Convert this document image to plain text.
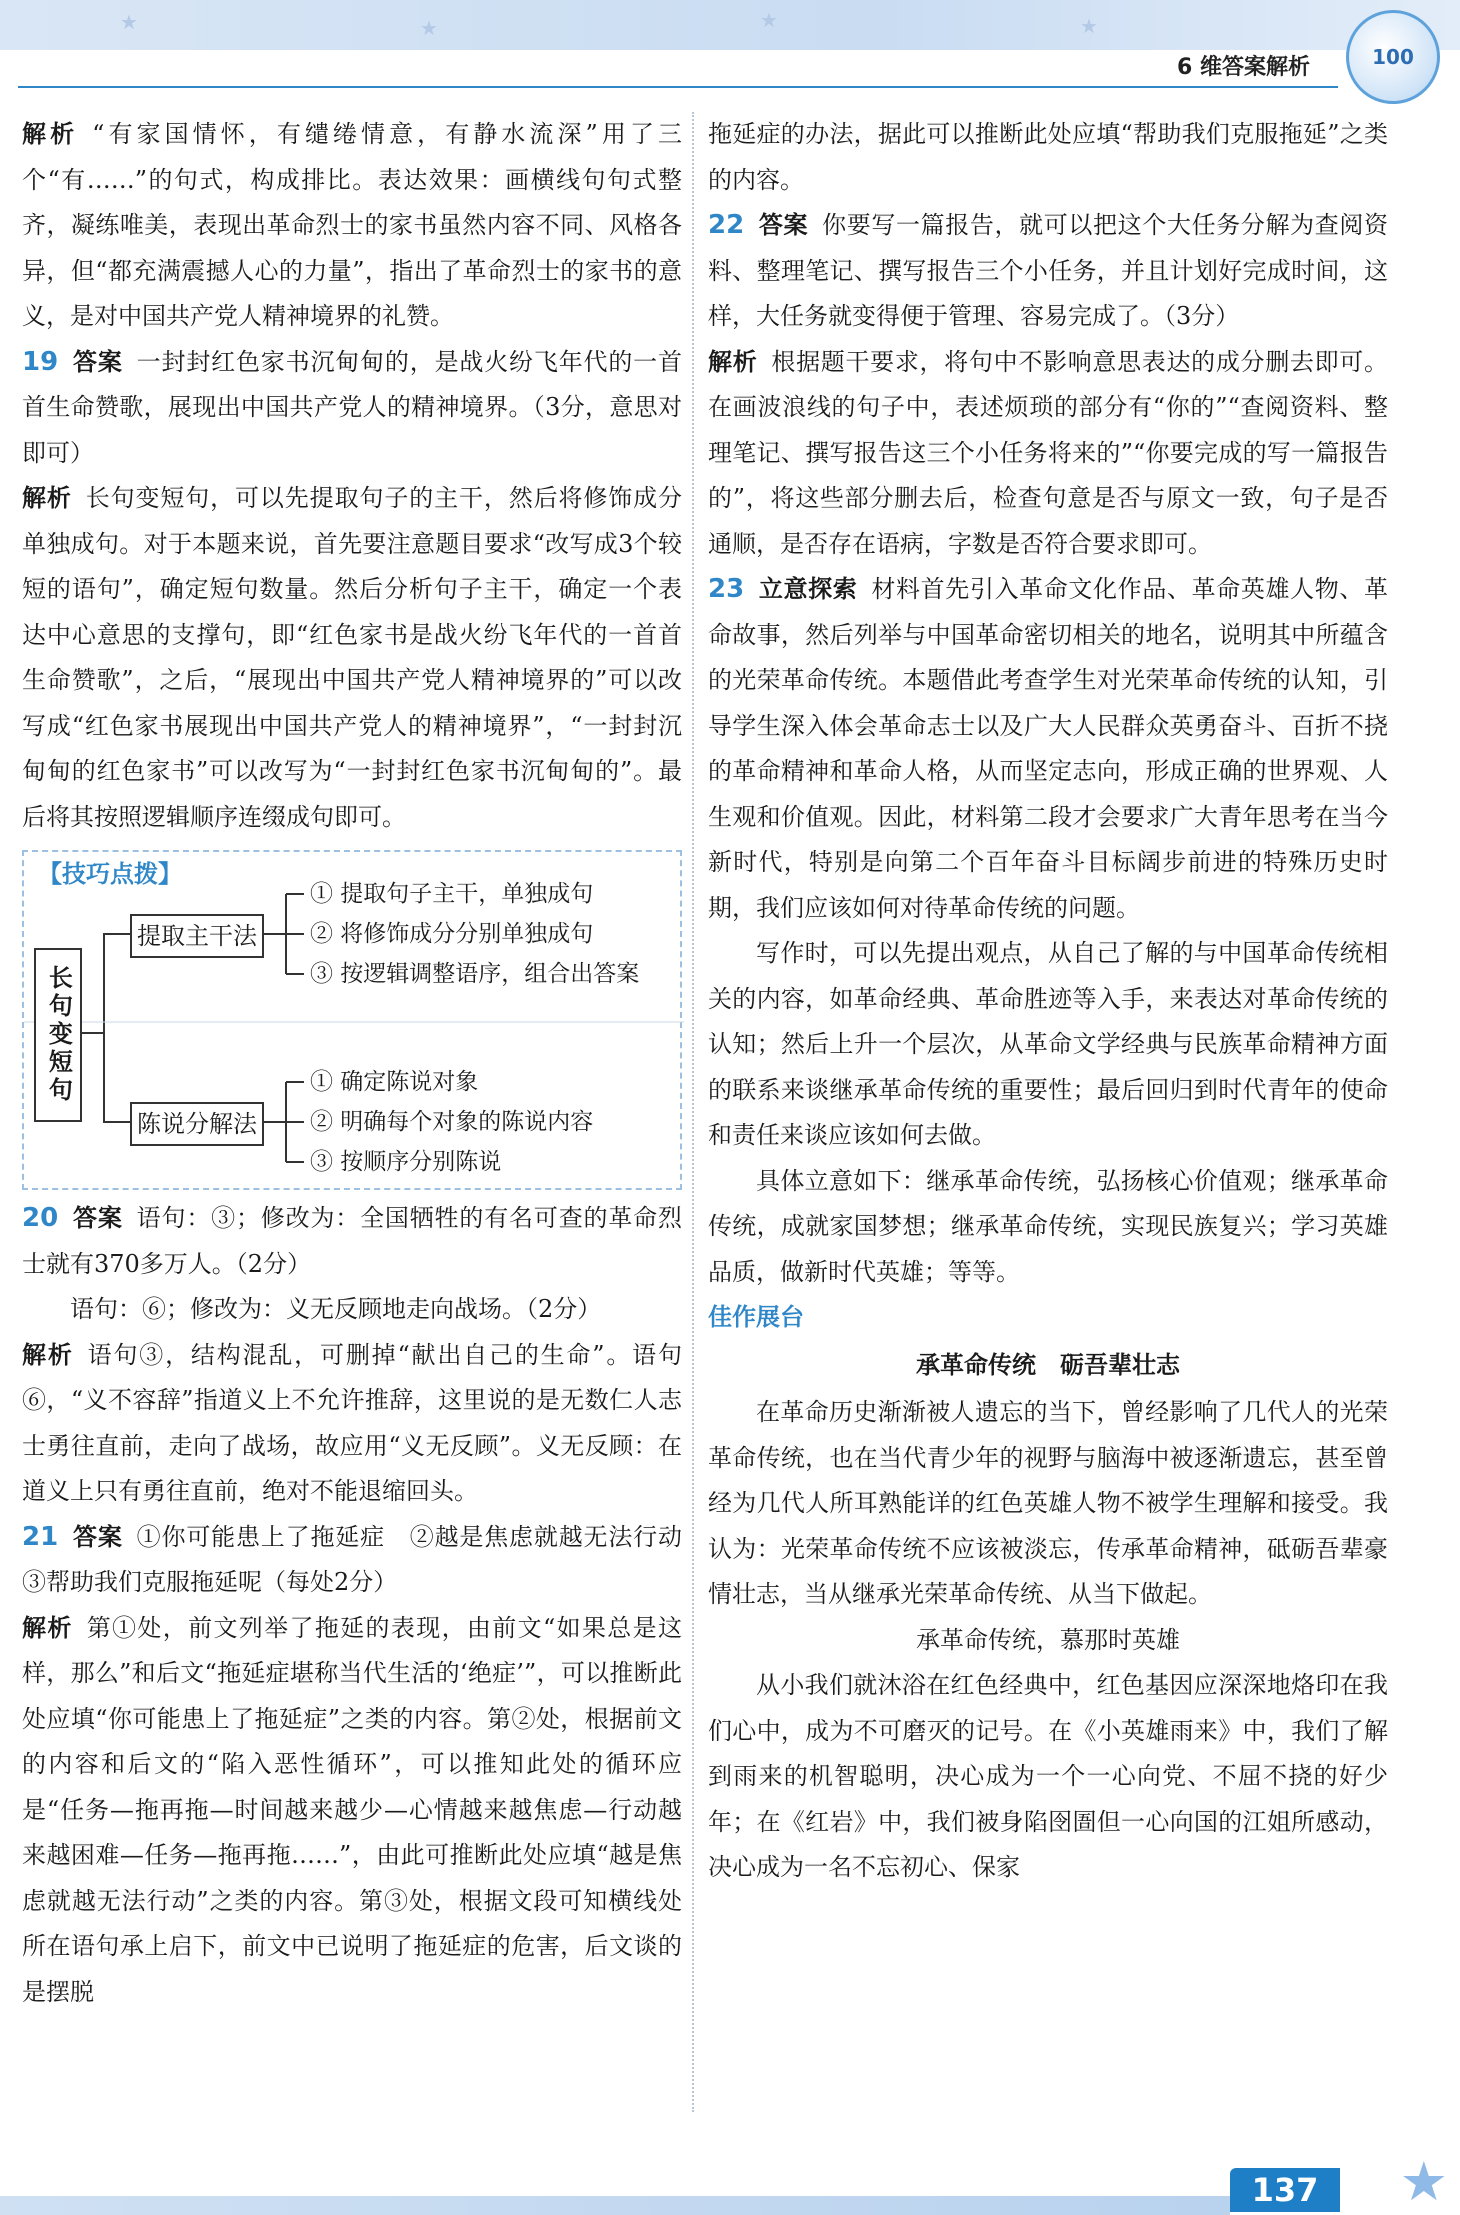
★	★	★	★
6 维答案解析	100

解析 “有家国情怀，有缱绻情意，有静水流深”用了三个“有……”的句式，构成排比。表达效果：画横线句句式整齐，凝练唯美，表现出革命烈士的家书虽然内容不同、风格各异，但“都充满震撼人心的力量”，指出了革命烈士的家书的意义，是对中国共产党人精神境界的礼赞。

19 答案 一封封红色家书沉甸甸的，是战火纷飞年代的一首首生命赞歌，展现出中国共产党人的精神境界。（3分，意思对即可）

解析 长句变短句，可以先提取句子的主干，然后将修饰成分单独成句。对于本题来说，首先要注意题目要求“改写成3个较短的语句”，确定短句数量。然后分析句子主干，确定一个表达中心意思的支撑句，即“红色家书是战火纷飞年代的一首首生命赞歌”，之后，“展现出中国共产党人精神境界的”可以改写成“红色家书展现出中国共产党人的精神境界”，“一封封沉甸甸的红色家书”可以改写为“一封封红色家书沉甸甸的”。最后将其按照逻辑顺序连缀成句即可。

【技巧点拨】
长句变短句
提取主干法
陈说分解法
① 提取句子主干，单独成句
② 将修饰成分分别单独成句
③ 按逻辑调整语序，组合出答案
① 确定陈说对象
② 明确每个对象的陈说内容
③ 按顺序分别陈说

20 答案 语句：③；修改为：全国牺牲的有名可查的革命烈士就有370多万人。（2分）

语句：⑥；修改为：义无反顾地走向战场。（2分）

解析 语句③，结构混乱，可删掉“献出自己的生命”。语句⑥，“义不容辞”指道义上不允许推辞，这里说的是无数仁人志士勇往直前，走向了战场，故应用“义无反顾”。义无反顾：在道义上只有勇往直前，绝对不能退缩回头。

21 答案 ①你可能患上了拖延症　②越是焦虑就越无法行动　③帮助我们克服拖延呢（每处2分）

解析 第①处，前文列举了拖延的表现，由前文“如果总是这样，那么”和后文“拖延症堪称当代生活的‘绝症’”，可以推断此处应填“你可能患上了拖延症”之类的内容。第②处，根据前文的内容和后文的“陷入恶性循环”，可以推知此处的循环应是“任务—拖再拖—时间越来越少—心情越来越焦虑—行动越来越困难—任务—拖再拖……”，由此可推断此处应填“越是焦虑就越无法行动”之类的内容。第③处，根据文段可知横线处所在语句承上启下，前文中已说明了拖延症的危害，后文谈的是摆脱

拖延症的办法，据此可以推断此处应填“帮助我们克服拖延”之类的内容。

22 答案 你要写一篇报告，就可以把这个大任务分解为查阅资料、整理笔记、撰写报告三个小任务，并且计划好完成时间，这样，大任务就变得便于管理、容易完成了。（3分）

解析 根据题干要求，将句中不影响意思表达的成分删去即可。在画波浪线的句子中，表述烦琐的部分有“你的”“查阅资料、整理笔记、撰写报告这三个小任务将来的”“你要完成的写一篇报告的”，将这些部分删去后，检查句意是否与原文一致，句子是否通顺，是否存在语病，字数是否符合要求即可。

23 立意探索 材料首先引入革命文化作品、革命英雄人物、革命故事，然后列举与中国革命密切相关的地名，说明其中所蕴含的光荣革命传统。本题借此考查学生对光荣革命传统的认知，引导学生深入体会革命志士以及广大人民群众英勇奋斗、百折不挠的革命精神和革命人格，从而坚定志向，形成正确的世界观、人生观和价值观。因此，材料第二段才会要求广大青年思考在当今新时代，特别是向第二个百年奋斗目标阔步前进的特殊历史时期，我们应该如何对待革命传统的问题。

写作时，可以先提出观点，从自己了解的与中国革命传统相关的内容，如革命经典、革命胜迹等入手，来表达对革命传统的认知；然后上升一个层次，从革命文学经典与民族革命精神方面的联系来谈继承革命传统的重要性；最后回归到时代青年的使命和责任来谈应该如何去做。

具体立意如下：继承革命传统，弘扬核心价值观；继承革命传统，成就家国梦想；继承革命传统，实现民族复兴；学习英雄品质，做新时代英雄；等等。

佳作展台

承革命传统　砺吾辈壮志

在革命历史渐渐被人遗忘的当下，曾经影响了几代人的光荣革命传统，也在当代青少年的视野与脑海中被逐渐遗忘，甚至曾经为几代人所耳熟能详的红色英雄人物不被学生理解和接受。我认为：光荣革命传统不应该被淡忘，传承革命精神，砥砺吾辈豪情壮志，当从继承光荣革命传统、从当下做起。

承革命传统，慕那时英雄

从小我们就沐浴在红色经典中，红色基因应深深地烙印在我们心中，成为不可磨灭的记号。在《小英雄雨来》中，我们了解到雨来的机智聪明，决心成为一个一心向党、不屈不挠的好少年；在《红岩》中，我们被身陷囹圄但一心向国的江姐所感动，决心成为一名不忘初心、保家

137	★
